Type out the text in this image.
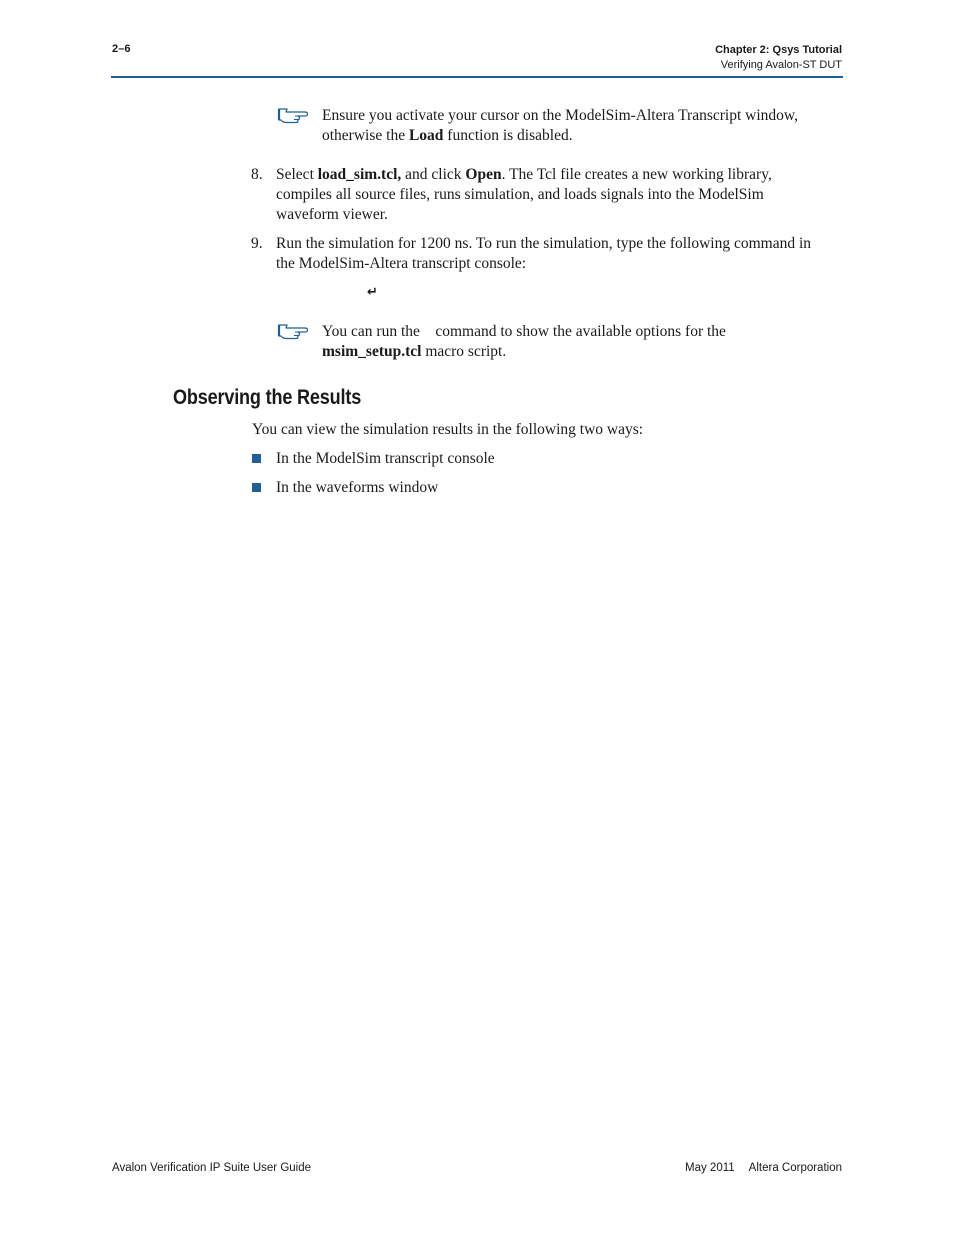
2–6	Chapter 2: Qsys Tutorial
Verifying Avalon-ST DUT
Ensure you activate your cursor on the ModelSim-Altera Transcript window, otherwise the Load function is disabled.
8. Select load_sim.tcl, and click Open. The Tcl file creates a new working library, compiles all source files, runs simulation, and loads signals into the ModelSim waveform viewer.
9. Run the simulation for 1200 ns. To run the simulation, type the following command in the ModelSim-Altera transcript console:
↵
You can run the    command to show the available options for the msim_setup.tcl macro script.
Observing the Results
You can view the simulation results in the following two ways:
In the ModelSim transcript console
In the waveforms window
Avalon Verification IP Suite User Guide	May 2011 Altera Corporation
